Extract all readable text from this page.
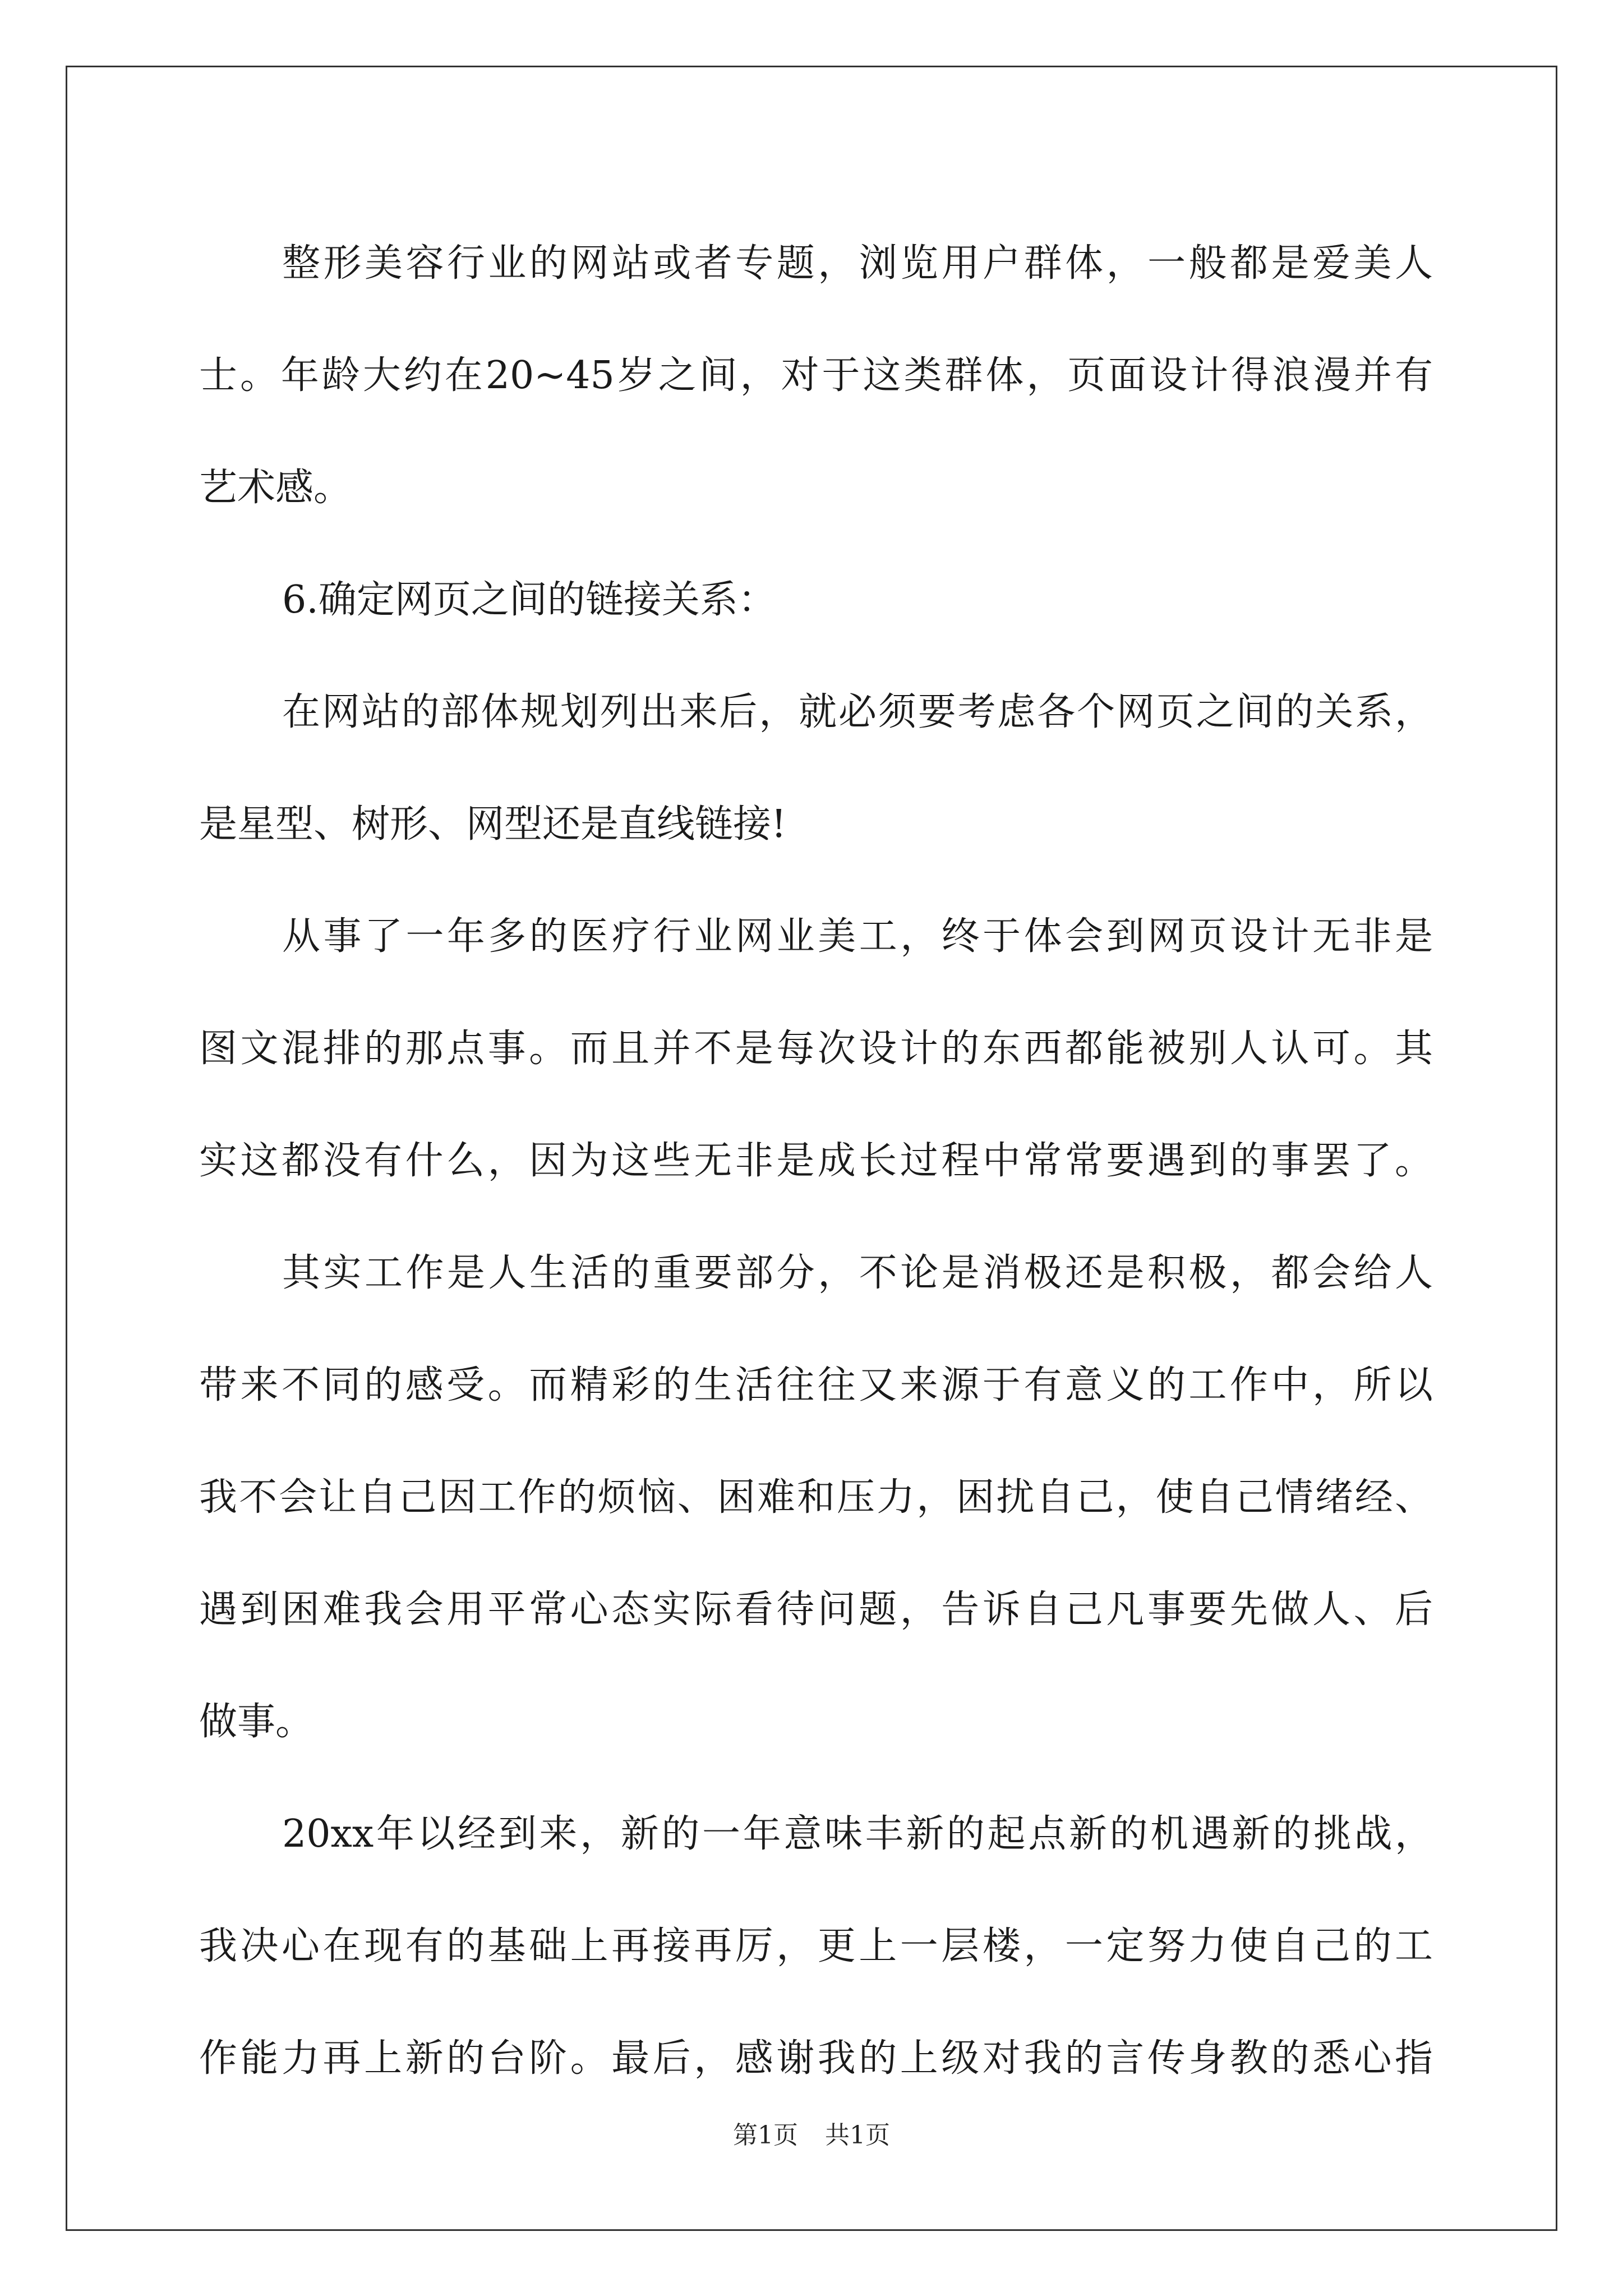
整形美容行业的网站或者专题，浏览用户群体，一般都是爱美人
士。年龄大约在20~45岁之间，对于这类群体，页面设计得浪漫并有
艺术感。
6.确定网页之间的链接关系：
在网站的部体规划列出来后，就必须要考虑各个网页之间的关系，
是星型、树形、网型还是直线链接!
从事了一年多的医疗行业网业美工，终于体会到网页设计无非是
图文混排的那点事。而且并不是每次设计的东西都能被别人认可。其
实这都没有什么，因为这些无非是成长过程中常常要遇到的事罢了。
其实工作是人生活的重要部分，不论是消极还是积极，都会给人
带来不同的感受。而精彩的生活往往又来源于有意义的工作中，所以
我不会让自己因工作的烦恼、困难和压力，困扰自己，使自己情绪经、
遇到困难我会用平常心态实际看待问题，告诉自己凡事要先做人、后
做事。
20xx年以经到来，新的一年意味丰新的起点新的机遇新的挑战，
我决心在现有的基础上再接再厉，更上一层楼，一定努力使自己的工
作能力再上新的台阶。最后，感谢我的上级对我的言传身教的悉心指
第1页 共1页
